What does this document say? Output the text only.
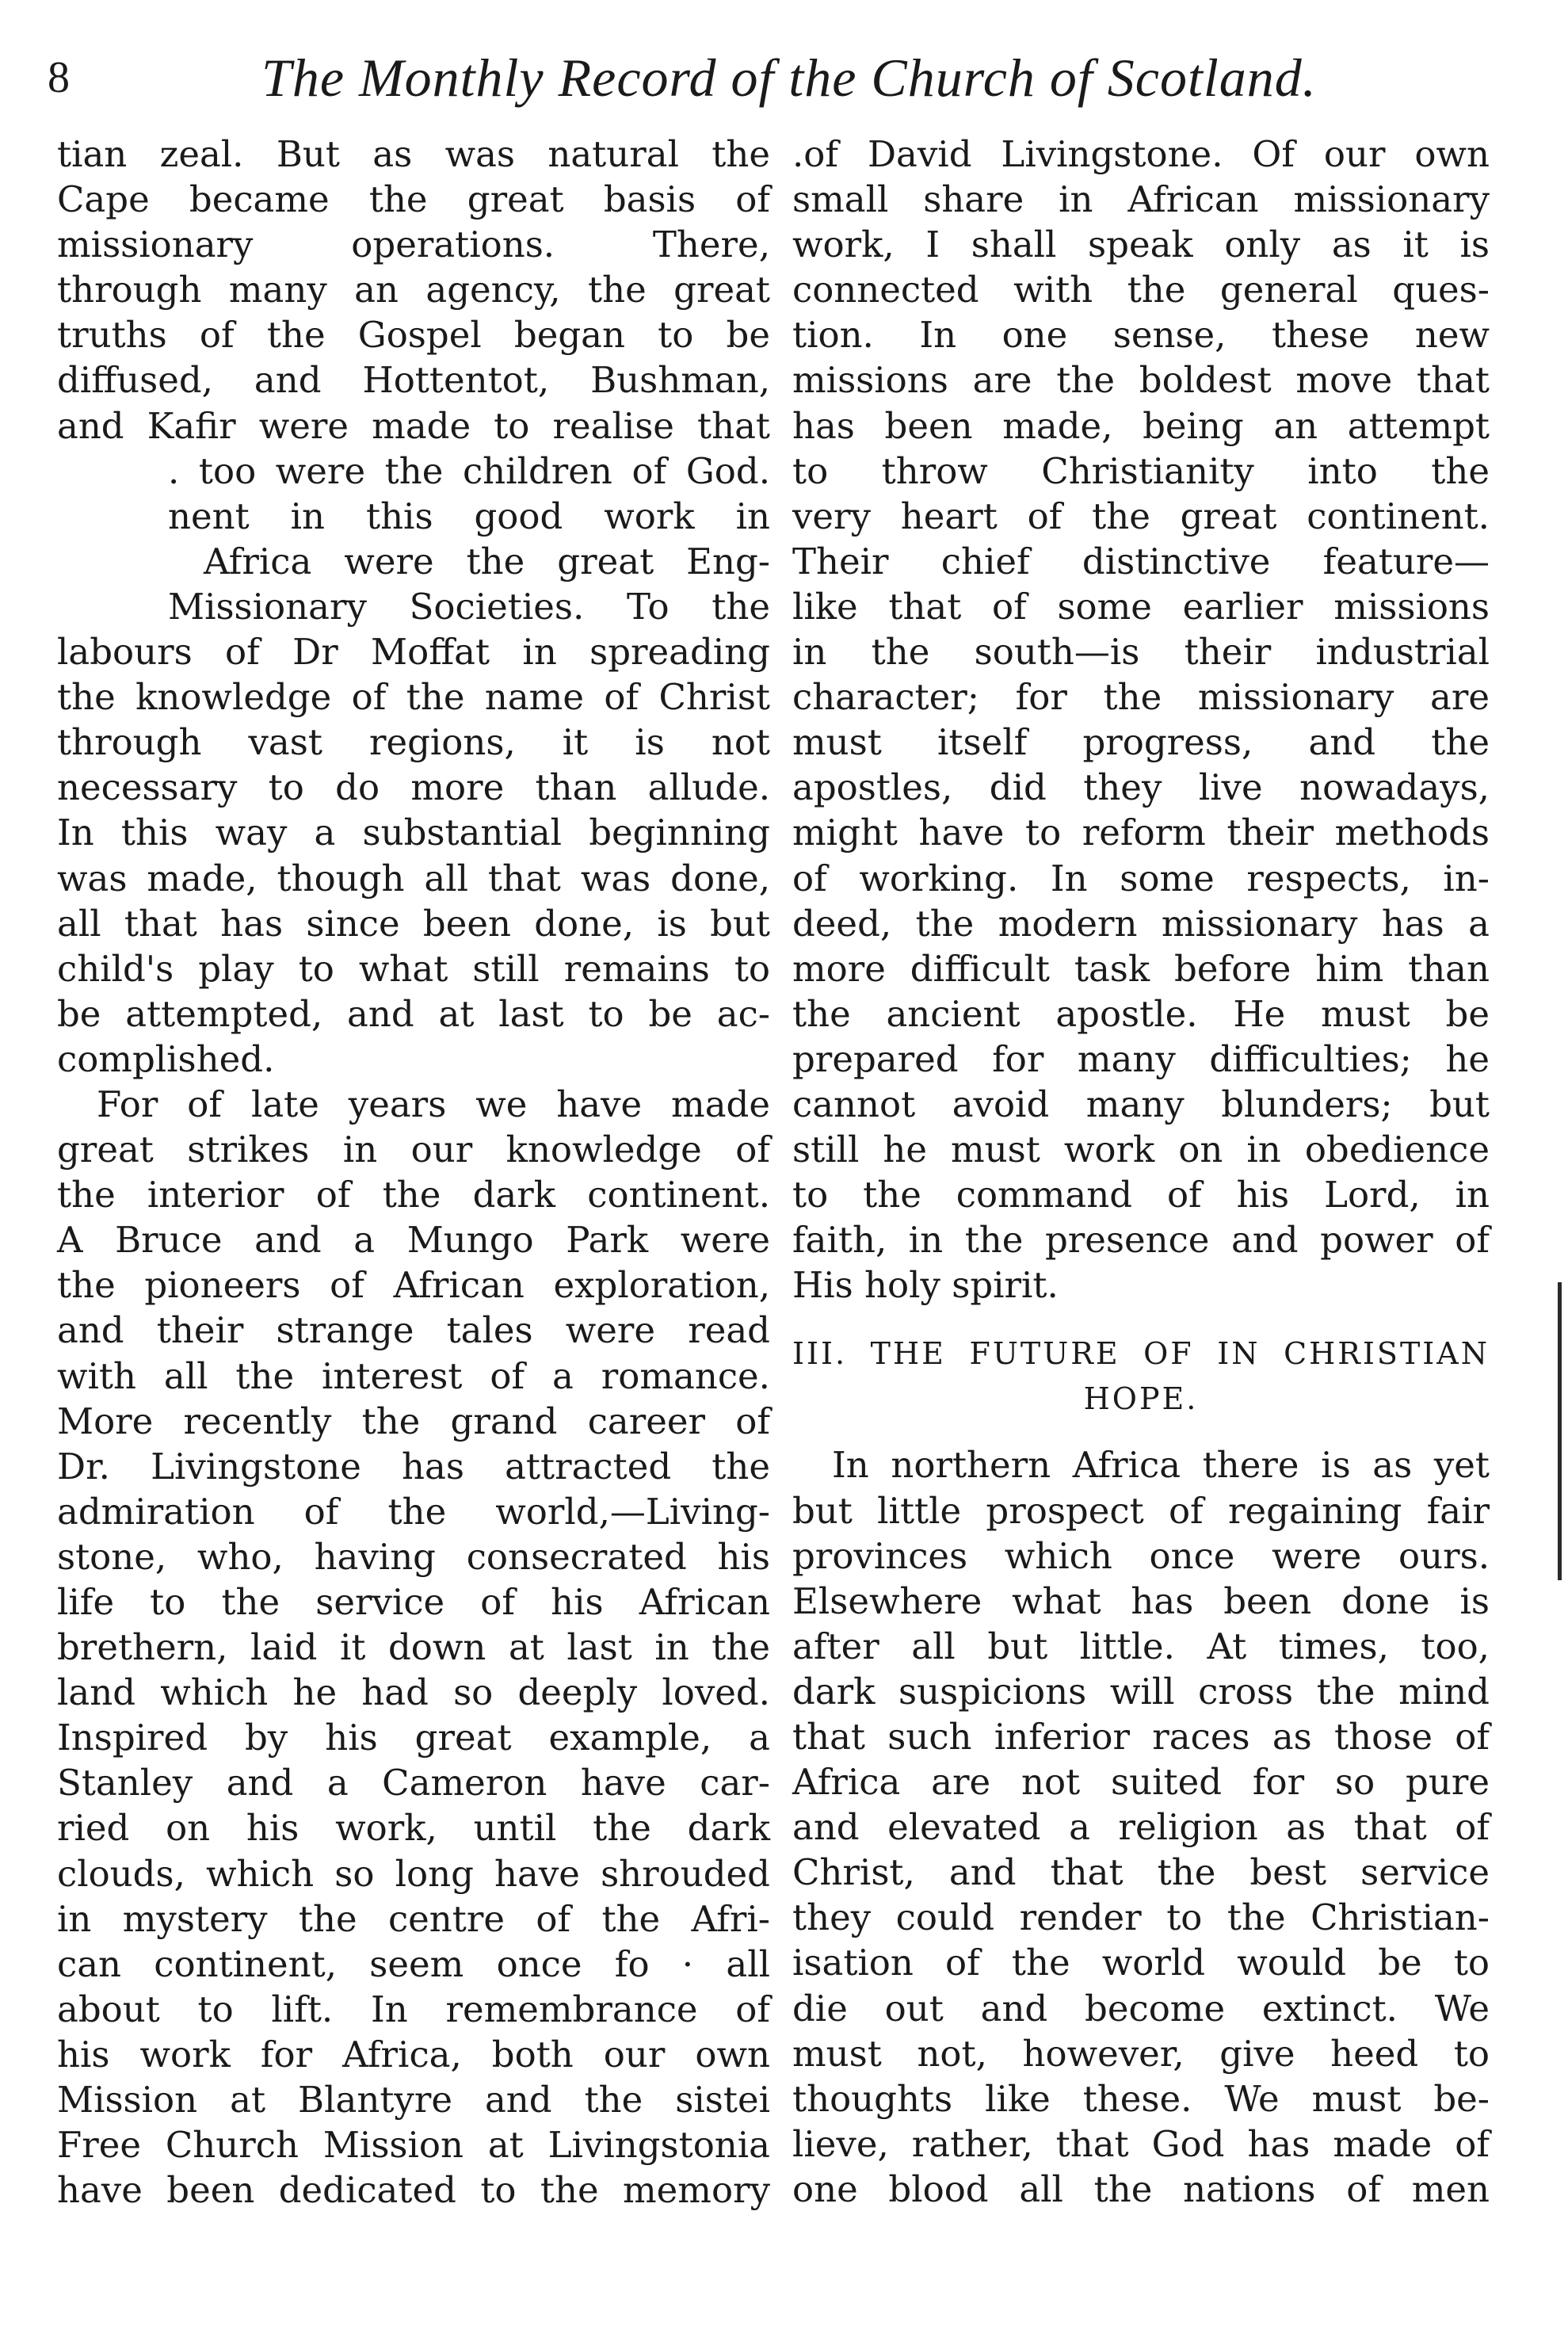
8	The Monthly Record of the Church of Scotland.
tian zeal. But as was natural the
Cape became the great basis of
missionary operations. There,
through many an agency, the great
truths of the Gospel began to be
diffused, and Hottentot, Bushman,
and Kafir were made to realise that
. too were the children of God.
nent in this good work in
Africa were the great Eng-
Missionary Societies. To the
labours of Dr Moffat in spreading
the knowledge of the name of Christ
through vast regions, it is not
necessary to do more than allude.
In this way a substantial beginning
was made, though all that was done,
all that has since been done, is but
child's play to what still remains to
be attempted, and at last to be ac-
complished.
For of late years we have made
great strikes in our knowledge of
the interior of the dark continent.
A Bruce and a Mungo Park were
the pioneers of African exploration,
and their strange tales were read
with all the interest of a romance.
More recently the grand career of
Dr. Livingstone has attracted the
admiration of the world,—Living-
stone, who, having consecrated his
life to the service of his African
brethern, laid it down at last in the
land which he had so deeply loved.
Inspired by his great example, a
Stanley and a Cameron have car-
ried on his work, until the dark
clouds, which so long have shrouded
in mystery the centre of the Afri-
can continent, seem once fo · all
about to lift. In remembrance of
his work for Africa, both our own
Mission at Blantyre and the sistei
Free Church Mission at Livingstonia
have been dedicated to the memory
.of David Livingstone. Of our own
small share in African missionary
work, I shall speak only as it is
connected with the general ques-
tion. In one sense, these new
missions are the boldest move that
has been made, being an attempt
to throw Christianity into the
very heart of the great continent.
Their chief distinctive feature—
like that of some earlier missions
in the south—is their industrial
character; for the missionary are
must itself progress, and the
apostles, did they live nowadays,
might have to reform their methods
of working. In some respects, in-
deed, the modern missionary has a
more difficult task before him than
the ancient apostle. He must be
prepared for many difficulties; he
cannot avoid many blunders; but
still he must work on in obedience
to the command of his Lord, in
faith, in the presence and power of
His holy spirit.
III. THE FUTURE OF IN CHRISTIAN
HOPE.
In northern Africa there is as yet
but little prospect of regaining fair
provinces which once were ours.
Elsewhere what has been done is
after all but little. At times, too,
dark suspicions will cross the mind
that such inferior races as those of
Africa are not suited for so pure
and elevated a religion as that of
Christ, and that the best service
they could render to the Christian-
isation of the world would be to
die out and become extinct. We
must not, however, give heed to
thoughts like these. We must be-
lieve, rather, that God has made of
one blood all the nations of men
